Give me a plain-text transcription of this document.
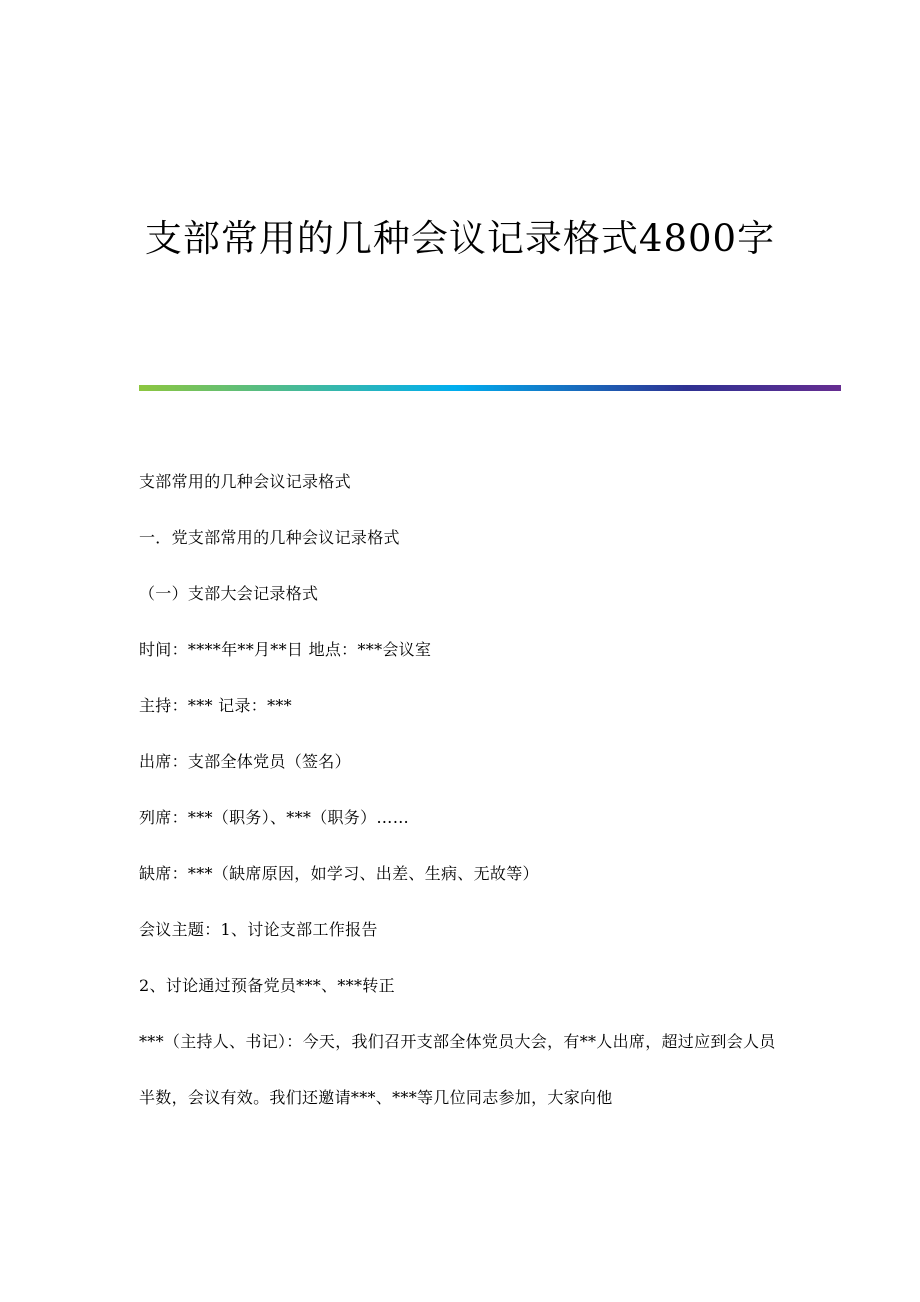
支部常用的几种会议记录格式4800字

支部常用的几种会议记录格式

一．党支部常用的几种会议记录格式

（一）支部大会记录格式

时间：****年**月**日 地点：***会议室

主持：*** 记录：***

出席：支部全体党员（签名）

列席：***（职务）、***（职务）……

缺席：***（缺席原因，如学习、出差、生病、无故等）

会议主题：1、讨论支部工作报告

2、讨论通过预备党员***、***转正

***（主持人、书记）：今天，我们召开支部全体党员大会，有**人出席，超过应到会人员半数，会议有效。我们还邀请***、***等几位同志参加，大家向他
